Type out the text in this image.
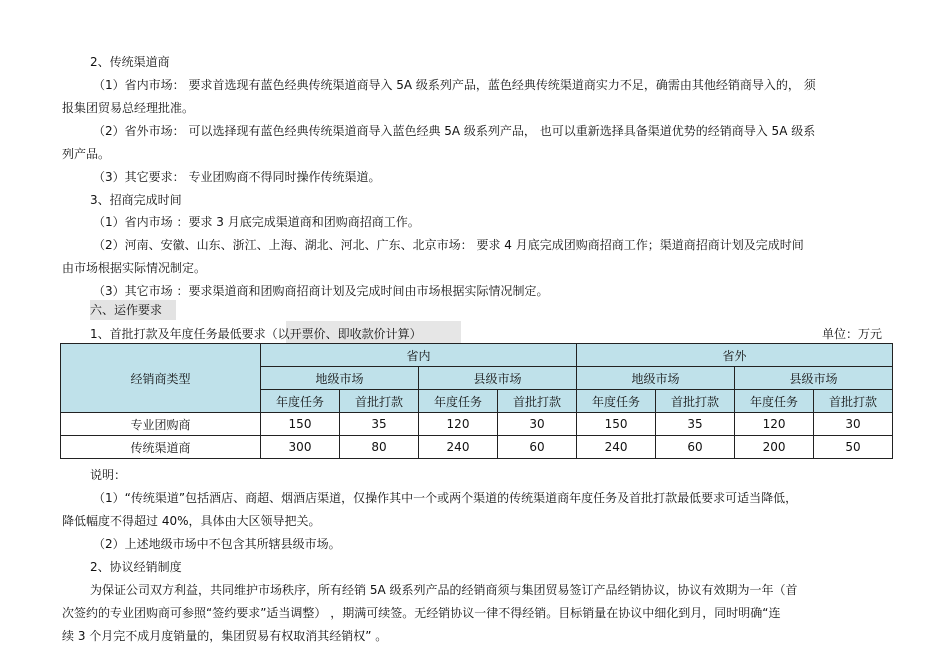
2、传统渠道商
（1）省内市场： 要求首选现有蓝色经典传统渠道商导入 5A 级系列产品，蓝色经典传统渠道商实力不足，确需由其他经销商导入的， 须
报集团贸易总经理批准。
（2）省外市场： 可以选择现有蓝色经典传统渠道商导入蓝色经典 5A 级系列产品， 也可以重新选择具备渠道优势的经销商导入 5A 级系
列产品。
（3）其它要求： 专业团购商不得同时操作传统渠道。
3、招商完成时间
（1）省内市场 ：要求 3 月底完成渠道商和团购商招商工作。
（2）河南、安徽、山东、浙江、上海、湖北、河北、广东、北京市场： 要求 4 月底完成团购商招商工作；渠道商招商计划及完成时间
由市场根据实际情况制定。
（3）其它市场 ：要求渠道商和团购商招商计划及完成时间由市场根据实际情况制定。
六、运作要求
1、首批打款及年度任务最低要求（以开票价、即收款价计算）	单位：万元
经销商类型	省内				省外			
	地级市场		县级市场		地级市场		县级市场	
	年度任务	首批打款	年度任务	首批打款	年度任务	首批打款	年度任务	首批打款
专业团购商	150	35	120	30	150	35	120	30
传统渠道商	300	80	240	60	240	60	200	50
说明：
（1）“传统渠道”包括酒店、商超、烟酒店渠道，仅操作其中一个或两个渠道的传统渠道商年度任务及首批打款最低要求可适当降低，
降低幅度不得超过 40%，具体由大区领导把关。
（2）上述地级市场中不包含其所辖县级市场。
2、协议经销制度
为保证公司双方利益，共同维护市场秩序，所有经销 5A 级系列产品的经销商须与集团贸易签订产品经销协议，协议有效期为一年（首
次签约的专业团购商可参照“签约要求”适当调整） ，期满可续签。无经销协议一律不得经销。目标销量在协议中细化到月，同时明确“连
续 3 个月完不成月度销量的，集团贸易有权取消其经销权” 。
